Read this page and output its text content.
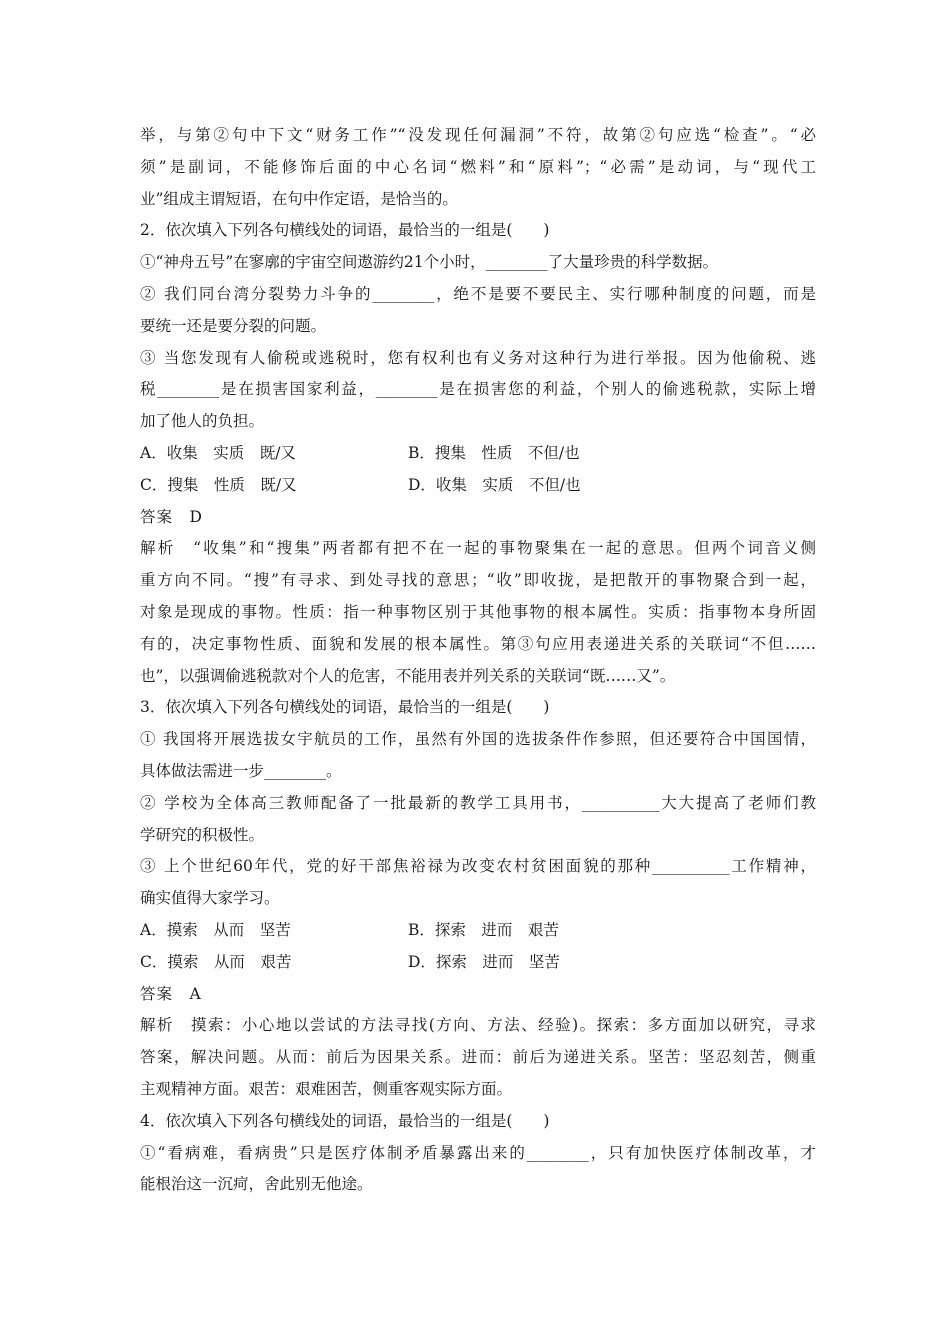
举，与第②句中下文“财务工作”“没发现任何漏洞”不符，故第②句应选“检查”。“必
须”是副词，不能修饰后面的中心名词“燃料”和“原料”；“必需”是动词，与“现代工
业”组成主谓短语，在句中作定语，是恰当的。
2．依次填入下列各句横线处的词语，最恰当的一组是(　　)
①“神舟五号”在寥廓的宇宙空间遨游约21个小时，________了大量珍贵的科学数据。
② 我们同台湾分裂势力斗争的________，绝不是要不要民主、实行哪种制度的问题，而是
要统一还是要分裂的问题。
③ 当您发现有人偷税或逃税时，您有权利也有义务对这种行为进行举报。因为他偷税、逃
税________是在损害国家利益，________是在损害您的利益，个别人的偷逃税款，实际上增
加了他人的负担。
A．收集　实质　既/又	B．搜集　性质　不但/也
C．搜集　性质　既/又	D．收集　实质　不但/也
答案　D
解析　“收集”和“搜集”两者都有把不在一起的事物聚集在一起的意思。但两个词音义侧
重方向不同。“搜”有寻求、到处寻找的意思；“收”即收拢，是把散开的事物聚合到一起，
对象是现成的事物。性质：指一种事物区别于其他事物的根本属性。实质：指事物本身所固
有的，决定事物性质、面貌和发展的根本属性。第③句应用表递进关系的关联词“不但……
也”，以强调偷逃税款对个人的危害，不能用表并列关系的关联词“既……又”。
3．依次填入下列各句横线处的词语，最恰当的一组是(　　)
① 我国将开展选拔女宇航员的工作，虽然有外国的选拔条件作参照，但还要符合中国国情，
具体做法需进一步________。
② 学校为全体高三教师配备了一批最新的教学工具用书，__________大大提高了老师们教
学研究的积极性。
③ 上个世纪60年代，党的好干部焦裕禄为改变农村贫困面貌的那种__________工作精神，
确实值得大家学习。
A．摸索　从而　坚苦	B．探索　进而　艰苦
C．摸索　从而　艰苦	D．探索　进而　坚苦
答案　A
解析　摸索：小心地以尝试的方法寻找(方向、方法、经验)。探索：多方面加以研究，寻求
答案，解决问题。从而：前后为因果关系。进而：前后为递进关系。坚苦：坚忍刻苦，侧重
主观精神方面。艰苦：艰难困苦，侧重客观实际方面。
4．依次填入下列各句横线处的词语，最恰当的一组是(　　)
①“看病难，看病贵”只是医疗体制矛盾暴露出来的________，只有加快医疗体制改革，才
能根治这一沉疴，舍此别无他途。
